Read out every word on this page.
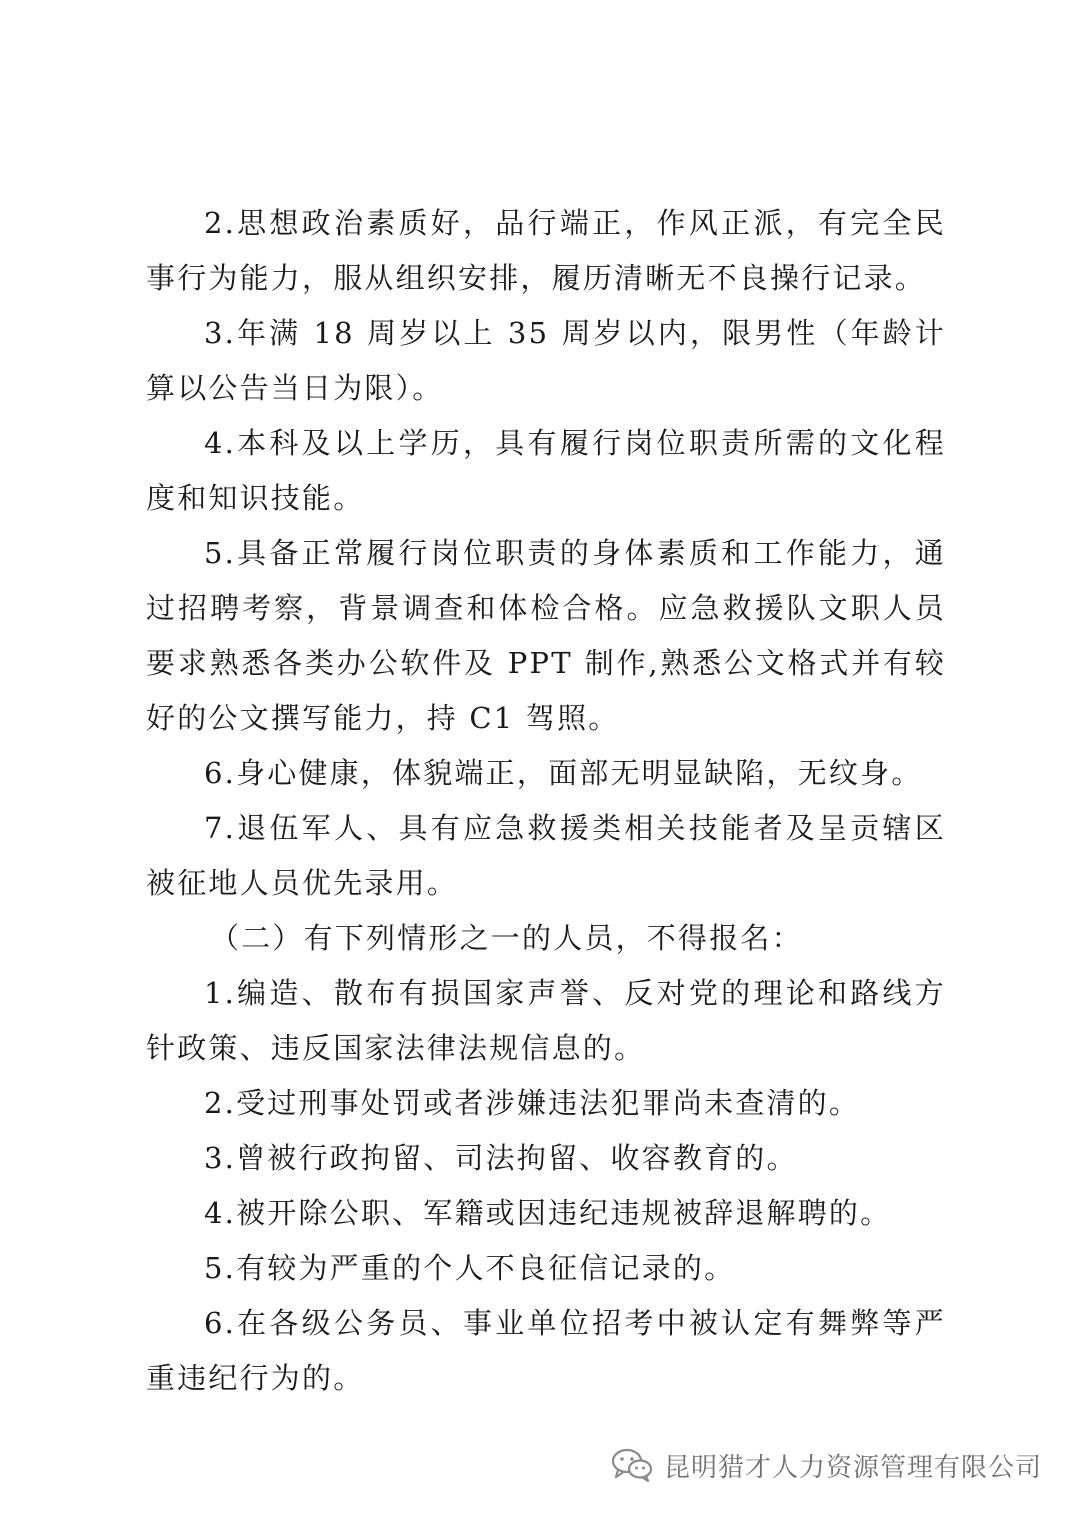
2.思想政治素质好，品行端正，作风正派，有完全民事行为能力，服从组织安排，履历清晰无不良操行记录。

3.年满 18 周岁以上 35 周岁以内，限男性（年龄计算以公告当日为限）。

4.本科及以上学历，具有履行岗位职责所需的文化程度和知识技能。

5.具备正常履行岗位职责的身体素质和工作能力，通过招聘考察，背景调查和体检合格。应急救援队文职人员要求熟悉各类办公软件及 PPT 制作,熟悉公文格式并有较好的公文撰写能力，持 C1 驾照。

6.身心健康，体貌端正，面部无明显缺陷，无纹身。

7.退伍军人、具有应急救援类相关技能者及呈贡辖区被征地人员优先录用。

（二）有下列情形之一的人员，不得报名：

1.编造、散布有损国家声誉、反对党的理论和路线方针政策、违反国家法律法规信息的。

2.受过刑事处罚或者涉嫌违法犯罪尚未查清的。

3.曾被行政拘留、司法拘留、收容教育的。

4.被开除公职、军籍或因违纪违规被辞退解聘的。

5.有较为严重的个人不良征信记录的。

6.在各级公务员、事业单位招考中被认定有舞弊等严重违纪行为的。

昆明猎才人力资源管理有限公司
